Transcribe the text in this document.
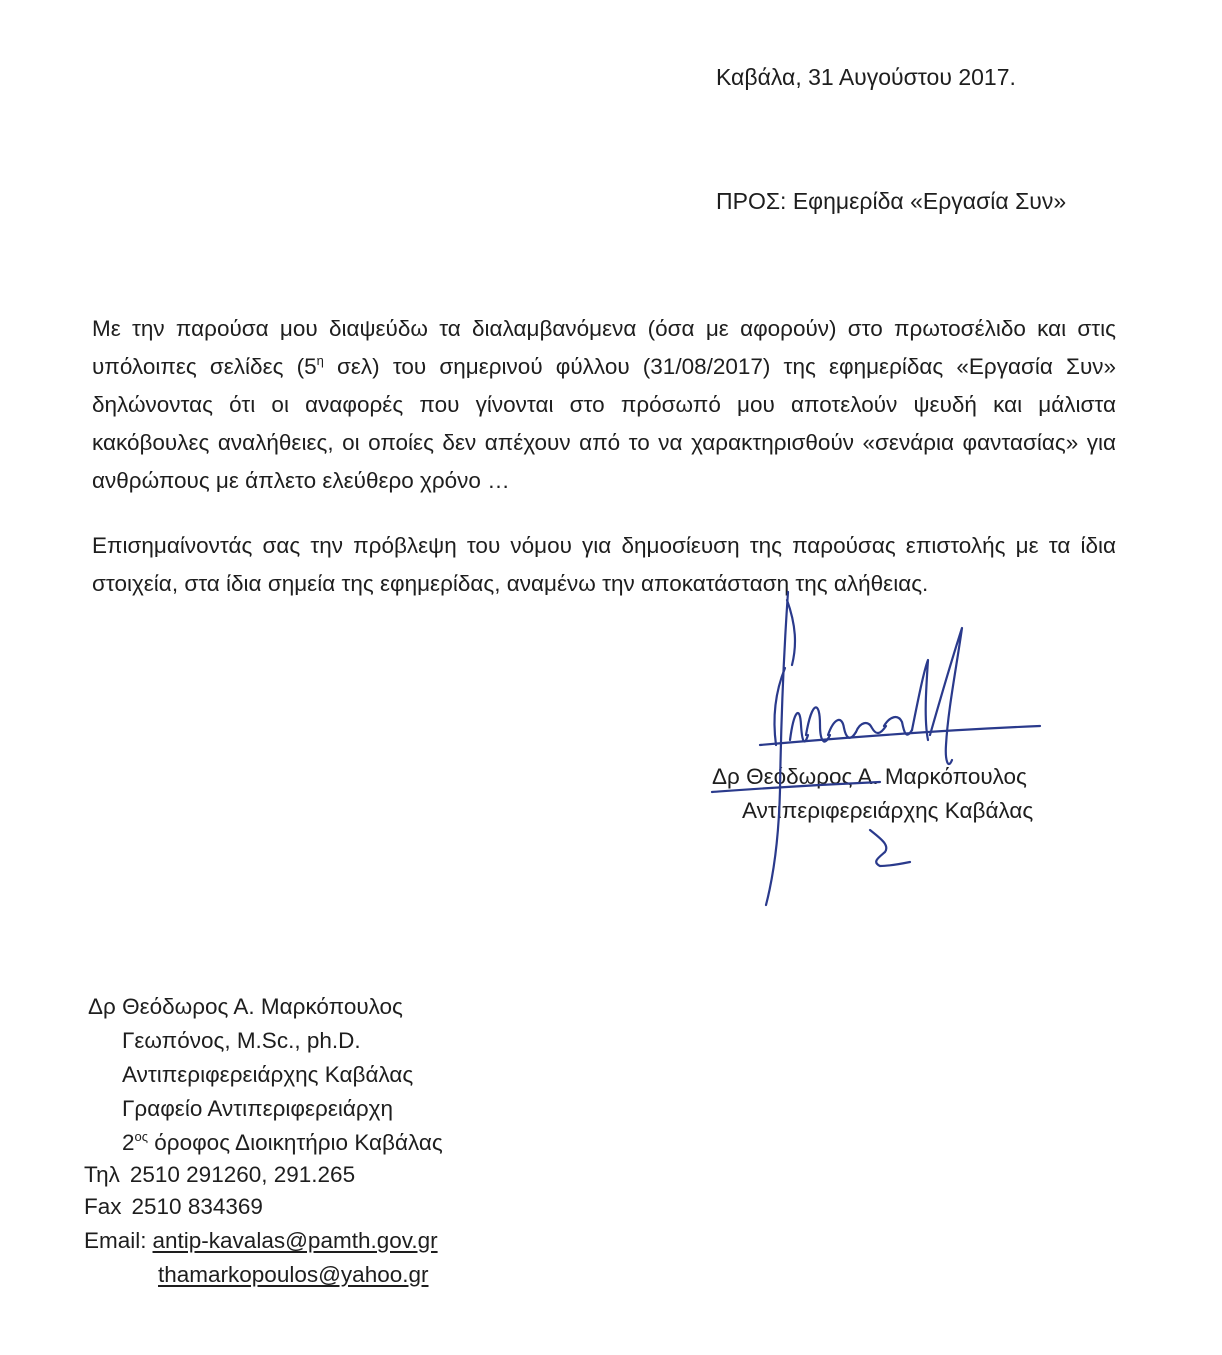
Καβάλα, 31 Αυγούστου 2017.
ΠΡΟΣ: Εφημερίδα «Εργασία Συν»

Με την παρούσα μου διαψεύδω τα διαλαμβανόμενα (όσα με αφορούν) στο πρωτοσέλιδο και στις υπόλοιπες σελίδες ($5^\eta$ σελ) του σημερινού φύλλου (31/08/2017) της εφημερίδας «Εργασία Συν» δηλώνοντας ότι οι αναφορές που γίνονται στο πρόσωπό μου αποτελούν ψευδή και μάλιστα κακόβουλες αναλήθειες, οι οποίες δεν απέχουν από το να χαρακτηρισθούν «σενάρια φαντασίας» για ανθρώπους με άπλετο ελεύθερο χρόνο …

Επισημαίνοντάς σας την πρόβλεψη του νόμου για δημοσίευση της παρούσας επιστολής με τα ίδια στοιχεία, στα ίδια σημεία της εφημερίδας, αναμένω την αποκατάσταση της αλήθειας.

Δρ Θεόδωρος Α. Μαρκόπουλος
Αντιπεριφερειάρχης Καβάλας
Δρ Θεόδωρος Α. Μαρκόπουλος
Γεωπόνος, M.Sc., ph.D.
Αντιπεριφερειάρχης Καβάλας
Γραφείο Αντιπεριφερειάρχη
$2^{o\varsigma}$ όροφος Διοικητήριο Καβάλας
Τηλ 2510 291260, 291.265
Fax 2510 834369
Email: antip-kavalas@pamth.gov.gr
thamarkopoulos@yahoo.gr
